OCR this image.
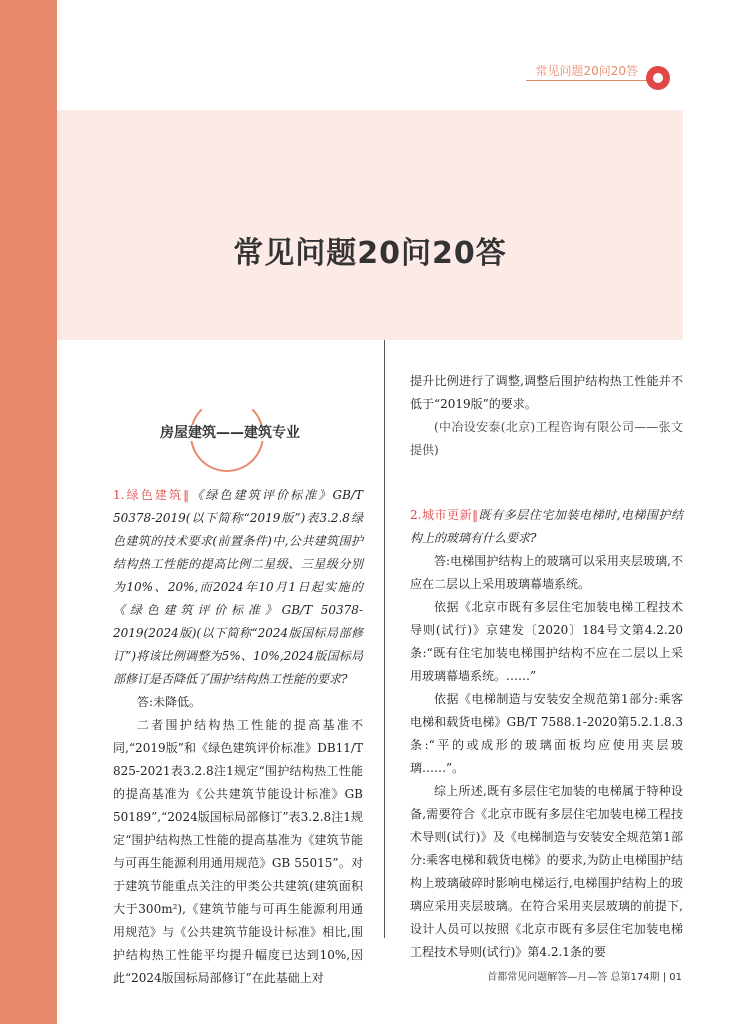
常见问题20问20答
常见问题20问20答
房屋建筑——建筑专业

1.绿色建筑‖《绿色建筑评价标准》GB/T 50378-2019(以下简称“2019版”)表3.2.8绿色建筑的技术要求(前置条件)中,公共建筑围护结构热工性能的提高比例二星级、三星级分别为10%、20%,而2024年10月1日起实施的《绿色建筑评价标准》GB/T 50378-2019(2024版)(以下简称“2024版国标局部修订”)将该比例调整为5%、10%,2024版国标局部修订是否降低了围护结构热工性能的要求?

答:未降低。

二者围护结构热工性能的提高基准不同,“2019版”和《绿色建筑评价标准》DB11/T 825-2021表3.2.8注1规定“围护结构热工性能的提高基准为《公共建筑节能设计标准》GB 50189”,“2024版国标局部修订”表3.2.8注1规定“围护结构热工性能的提高基准为《建筑节能与可再生能源利用通用规范》GB 55015”。对于建筑节能重点关注的甲类公共建筑(建筑面积大于300m²),《建筑节能与可再生能源利用通用规范》与《公共建筑节能设计标准》相比,围护结构热工性能平均提升幅度已达到10%,因此“2024版国标局部修订”在此基础上对

提升比例进行了调整,调整后围护结构热工性能并不低于“2019版”的要求。

(中冶设安泰(北京)工程咨询有限公司——张文提供)

2.城市更新‖既有多层住宅加装电梯时,电梯围护结构上的玻璃有什么要求?

答:电梯围护结构上的玻璃可以采用夹层玻璃,不应在二层以上采用玻璃幕墙系统。

依据《北京市既有多层住宅加装电梯工程技术导则(试行)》京建发〔2020〕184号文第4.2.20条:“既有住宅加装电梯围护结构不应在二层以上采用玻璃幕墙系统。……”

依据《电梯制造与安装安全规范第1部分:乘客电梯和载货电梯》GB/T 7588.1-2020第5.2.1.8.3条:“平的或成形的玻璃面板均应使用夹层玻璃……”。

综上所述,既有多层住宅加装的电梯属于特种设备,需要符合《北京市既有多层住宅加装电梯工程技术导则(试行)》及《电梯制造与安装安全规范第1部分:乘客电梯和载货电梯》的要求,为防止电梯围护结构上玻璃破碎时影响电梯运行,电梯围护结构上的玻璃应采用夹层玻璃。在符合采用夹层玻璃的前提下,设计人员可以按照《北京市既有多层住宅加装电梯工程技术导则(试行)》第4.2.1条的要

首都常见问题解答—月—答 总第174期 | 01
